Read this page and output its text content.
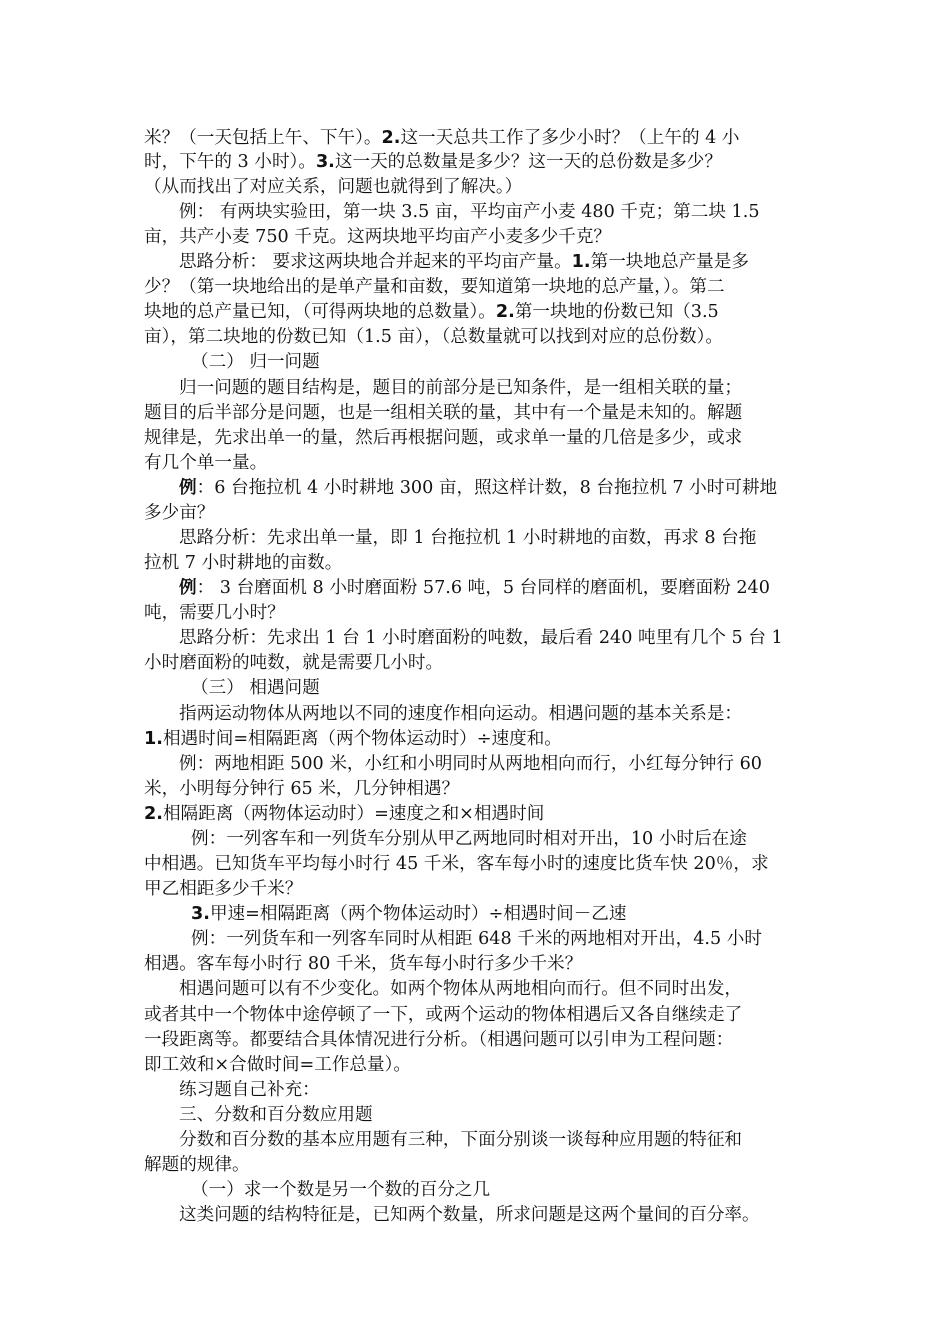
米？（一天包括上午、下午）。2.这一天总共工作了多少小时？（上午的 4 小
时，下午的 3 小时）。3.这一天的总数量是多少？这一天的总份数是多少？
（从而找出了对应关系，问题也就得到了解决。）
例： 有两块实验田，第一块 3.5 亩，平均亩产小麦 480 千克；第二块 1.5
亩，共产小麦 750 千克。这两块地平均亩产小麦多少千克？
思路分析： 要求这两块地合并起来的平均亩产量。1.第一块地总产量是多
少？（第一块地给出的是单产量和亩数，要知道第一块地的总产量，）。第二
块地的总产量已知，（可得两块地的总数量）。2.第一块地的份数已知（3.5
亩），第二块地的份数已知（1.5 亩），（总数量就可以找到对应的总份数）。
（二） 归一问题
归一问题的题目结构是，题目的前部分是已知条件，是一组相关联的量；
题目的后半部分是问题，也是一组相关联的量，其中有一个量是未知的。解题
规律是，先求出单一的量，然后再根据问题，或求单一量的几倍是多少，或求
有几个单一量。
例：6 台拖拉机 4 小时耕地 300 亩，照这样计数，8 台拖拉机 7 小时可耕地
多少亩？
思路分析：先求出单一量，即 1 台拖拉机 1 小时耕地的亩数，再求 8 台拖
拉机 7 小时耕地的亩数。
例： 3 台磨面机 8 小时磨面粉 57.6 吨，5 台同样的磨面机，要磨面粉 240
吨，需要几小时？
思路分析：先求出 1 台 1 小时磨面粉的吨数，最后看 240 吨里有几个 5 台 1
小时磨面粉的吨数，就是需要几小时。
（三） 相遇问题
指两运动物体从两地以不同的速度作相向运动。相遇问题的基本关系是：
1.相遇时间=相隔距离（两个物体运动时）÷速度和。
例：两地相距 500 米，小红和小明同时从两地相向而行，小红每分钟行 60
米，小明每分钟行 65 米，几分钟相遇？
2.相隔距离（两物体运动时）=速度之和×相遇时间
例：一列客车和一列货车分别从甲乙两地同时相对开出，10 小时后在途
中相遇。已知货车平均每小时行 45 千米，客车每小时的速度比货车快 20％，求
甲乙相距多少千米？
3.甲速=相隔距离（两个物体运动时）÷相遇时间－乙速
例：一列货车和一列客车同时从相距 648 千米的两地相对开出，4.5 小时
相遇。客车每小时行 80 千米，货车每小时行多少千米？
相遇问题可以有不少变化。如两个物体从两地相向而行。但不同时出发，
或者其中一个物体中途停顿了一下，或两个运动的物体相遇后又各自继续走了
一段距离等。都要结合具体情况进行分析。（相遇问题可以引申为工程问题：
即工效和×合做时间=工作总量）。
练习题自己补充：
三、分数和百分数应用题
分数和百分数的基本应用题有三种，下面分别谈一谈每种应用题的特征和
解题的规律。
（一）求一个数是另一个数的百分之几
这类问题的结构特征是，已知两个数量，所求问题是这两个量间的百分率。
